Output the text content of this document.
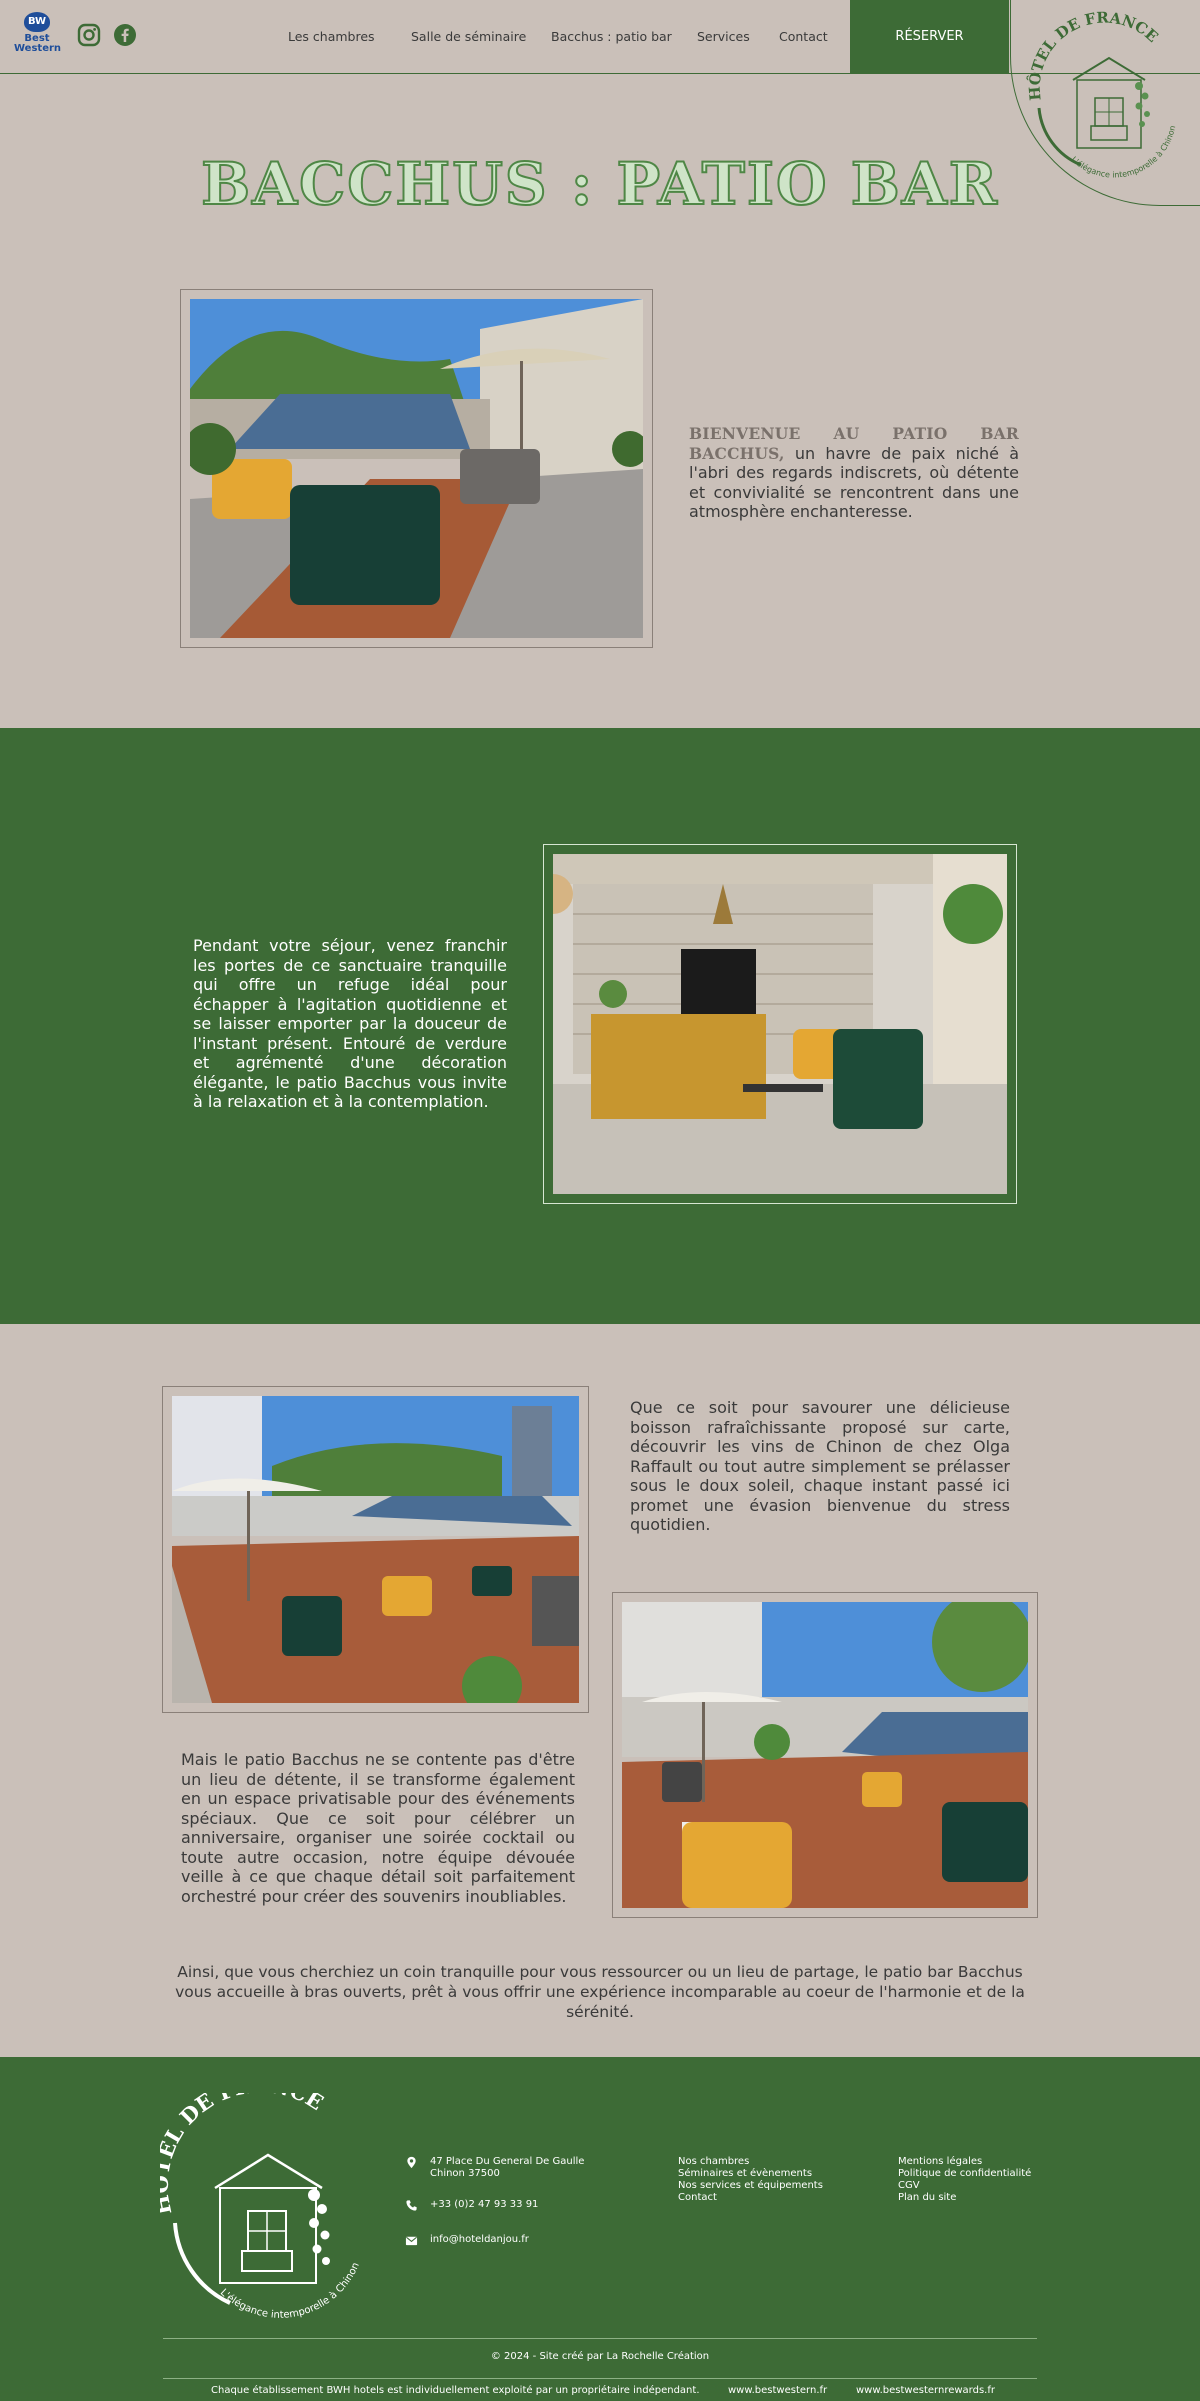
BW
Best
Western
Les chambres	Salle de séminaire Bacchus : patio bar Services Contact	RÉSERVER
HÔTEL DE FRANCE
L'élégance intemporelle à Chinon
BACCHUS : PATIO BAR
BIENVENUE AU PATIO BAR BACCHUS, un havre de paix niché à l'abri des regards indiscrets, où détente et convivialité se rencontrent dans une atmosphère enchanteresse.
Pendant votre séjour, venez franchir les portes de ce sanctuaire tranquille qui offre un refuge idéal pour échapper à l'agitation quotidienne et se laisser emporter par la douceur de l'instant présent. Entouré de verdure et agrémenté d'une décoration élégante, le patio Bacchus vous invite à la relaxation et à la contemplation.
Que ce soit pour savourer une délicieuse boisson rafraîchissante proposé sur carte, découvrir les vins de Chinon de chez Olga Raffault ou tout autre simplement se prélasser sous le doux soleil, chaque instant passé ici promet une évasion bienvenue du stress quotidien.
Mais le patio Bacchus ne se contente pas d'être un lieu de détente, il se transforme également en un espace privatisable pour des événements spéciaux. Que ce soit pour célébrer un anniversaire, organiser une soirée cocktail ou toute autre occasion, notre équipe dévouée veille à ce que chaque détail soit parfaitement orchestré pour créer des souvenirs inoubliables.
Ainsi, que vous cherchiez un coin tranquille pour vous ressourcer ou un lieu de partage, le patio bar Bacchus vous accueille à bras ouverts, prêt à vous offrir une expérience incomparable au coeur de l'harmonie et de la sérénité.
L DE E
L'élégance intemporelle à Chinon
47 Place Du General De Gaulle
Chinon 37500
+33 (0)2 47 93 33 91
info@hoteldanjou.fr
Nos chambres
Séminaires et évènements
Nos services et équipements
Contact
Mentions légales
Politique de confidentialité
CGV
Plan du site
© 2024 - Site créé par La Rochelle Création
Chaque établissement BWH hotels est individuellement exploité par un propriétaire indépendant.	www.bestwestern.fr	www.bestwesternrewards.fr
